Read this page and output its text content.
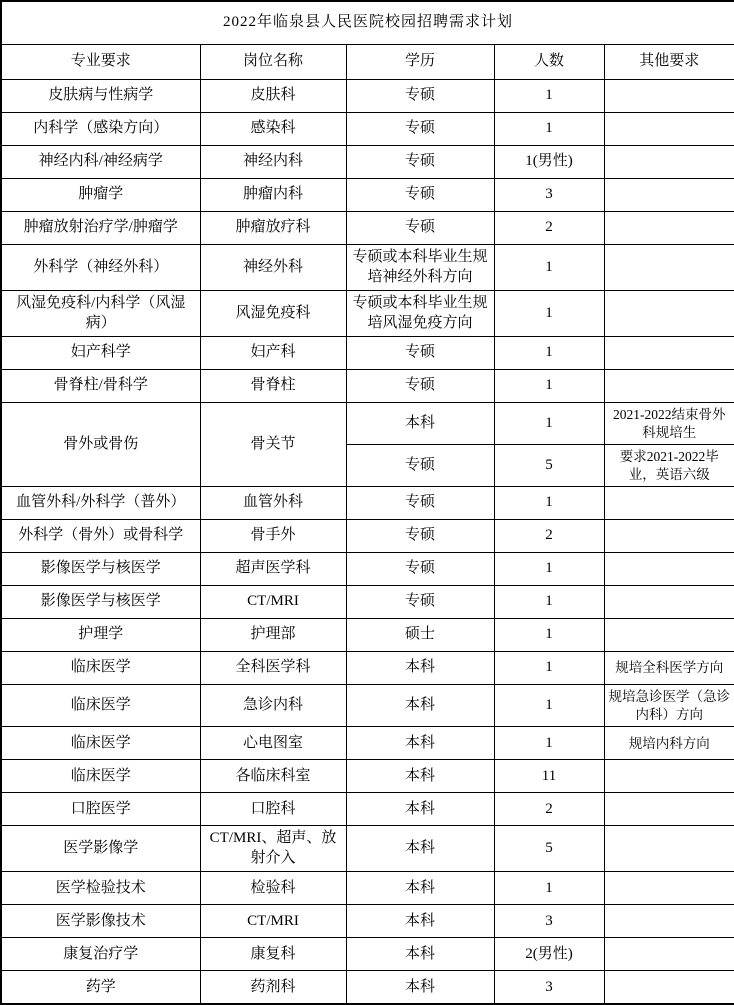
2022年临泉县人民医院校园招聘需求计划				
专业要求	岗位名称	学历	人数	其他要求
皮肤病与性病学	皮肤科	专硕	1	
内科学（感染方向）	感染科	专硕	1	
神经内科/神经病学	神经内科	专硕	1(男性)	
肿瘤学	肿瘤内科	专硕	3	
肿瘤放射治疗学/肿瘤学	肿瘤放疗科	专硕	2	
外科学（神经外科）	神经外科	专硕或本科毕业生规培神经外科方向	1	
风湿免疫科/内科学（风湿病）	风湿免疫科	专硕或本科毕业生规培风湿免疫方向	1	
妇产科学	妇产科	专硕	1	
骨脊柱/骨科学	骨脊柱	专硕	1	
骨外或骨伤	骨关节	本科	1	2021-2022结束骨外科规培生
		专硕	5	要求2021-2022毕业，英语六级
血管外科/外科学（普外）	血管外科	专硕	1	
外科学（骨外）或骨科学	骨手外	专硕	2	
影像医学与核医学	超声医学科	专硕	1	
影像医学与核医学	CT/MRI	专硕	1	
护理学	护理部	硕士	1	
临床医学	全科医学科	本科	1	规培全科医学方向
临床医学	急诊内科	本科	1	规培急诊医学（急诊内科）方向
临床医学	心电图室	本科	1	规培内科方向
临床医学	各临床科室	本科	11	
口腔医学	口腔科	本科	2	
医学影像学	CT/MRI、超声、放射介入	本科	5	
医学检验技术	检验科	本科	1	
医学影像技术	CT/MRI	本科	3	
康复治疗学	康复科	本科	2(男性)	
药学	药剂科	本科	3	
